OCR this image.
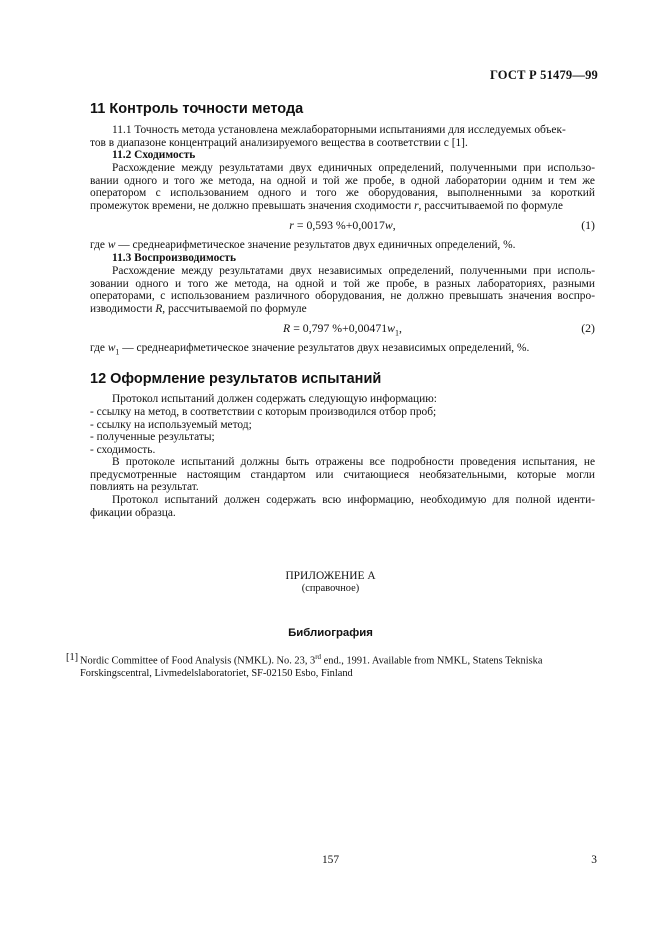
ГОСТ Р 51479—99
11 Контроль точности метода
11.1 Точность метода установлена межлабораторными испытаниями для исследуемых объек-
тов в диапазоне концентраций анализируемого вещества в соответствии с [1].
11.2 Сходимость
Расхождение между результатами двух единичных определений, полученными при использо-
вании одного и того же метода, на одной и той же пробе, в одной лаборатории одним и тем же
оператором с использованием одного и того же оборудования, выполненными за короткий
промежуток времени, не должно превышать значения сходимости r, рассчитываемой по формуле
r = 0,593 %+0,0017w,	(1)
где w — среднеарифметическое значение результатов двух единичных определений, %.
11.3 Воспроизводимость
Расхождение между результатами двух независимых определений, полученными при исполь-
зовании одного и того же метода, на одной и той же пробе, в разных лабораториях, разными
операторами, с использованием различного оборудования, не должно превышать значения воспро-
изводимости R, рассчитываемой по формуле
R = 0,797 $\%+0,00471w_1$,	(2)
где $w_1$ — среднеарифметическое значение результатов двух независимых определений, %.
12 Оформление результатов испытаний
Протокол испытаний должен содержать следующую информацию:
- ссылку на метод, в соответствии с которым производился отбор проб;
- ссылку на используемый метод;
- полученные результаты;
- сходимость.
В протоколе испытаний должны быть отражены все подробности проведения испытания, не
предусмотренные настоящим стандартом или считающиеся необязательными, которые могли
повлиять на результат.
Протокол испытаний должен содержать всю информацию, необходимую для полной иденти-
фикации образца.
ПРИЛОЖЕНИЕ А
(справочное)
Библиография
[1] Nordic Committee of Food Analysis (NMKL). No. 23, 3rd end., 1991. Available from NMKL, Statens Tekniska
Forskingscentral, Livmedelslaboratoriet, SF-02150 Esbo, Finland
157	3
